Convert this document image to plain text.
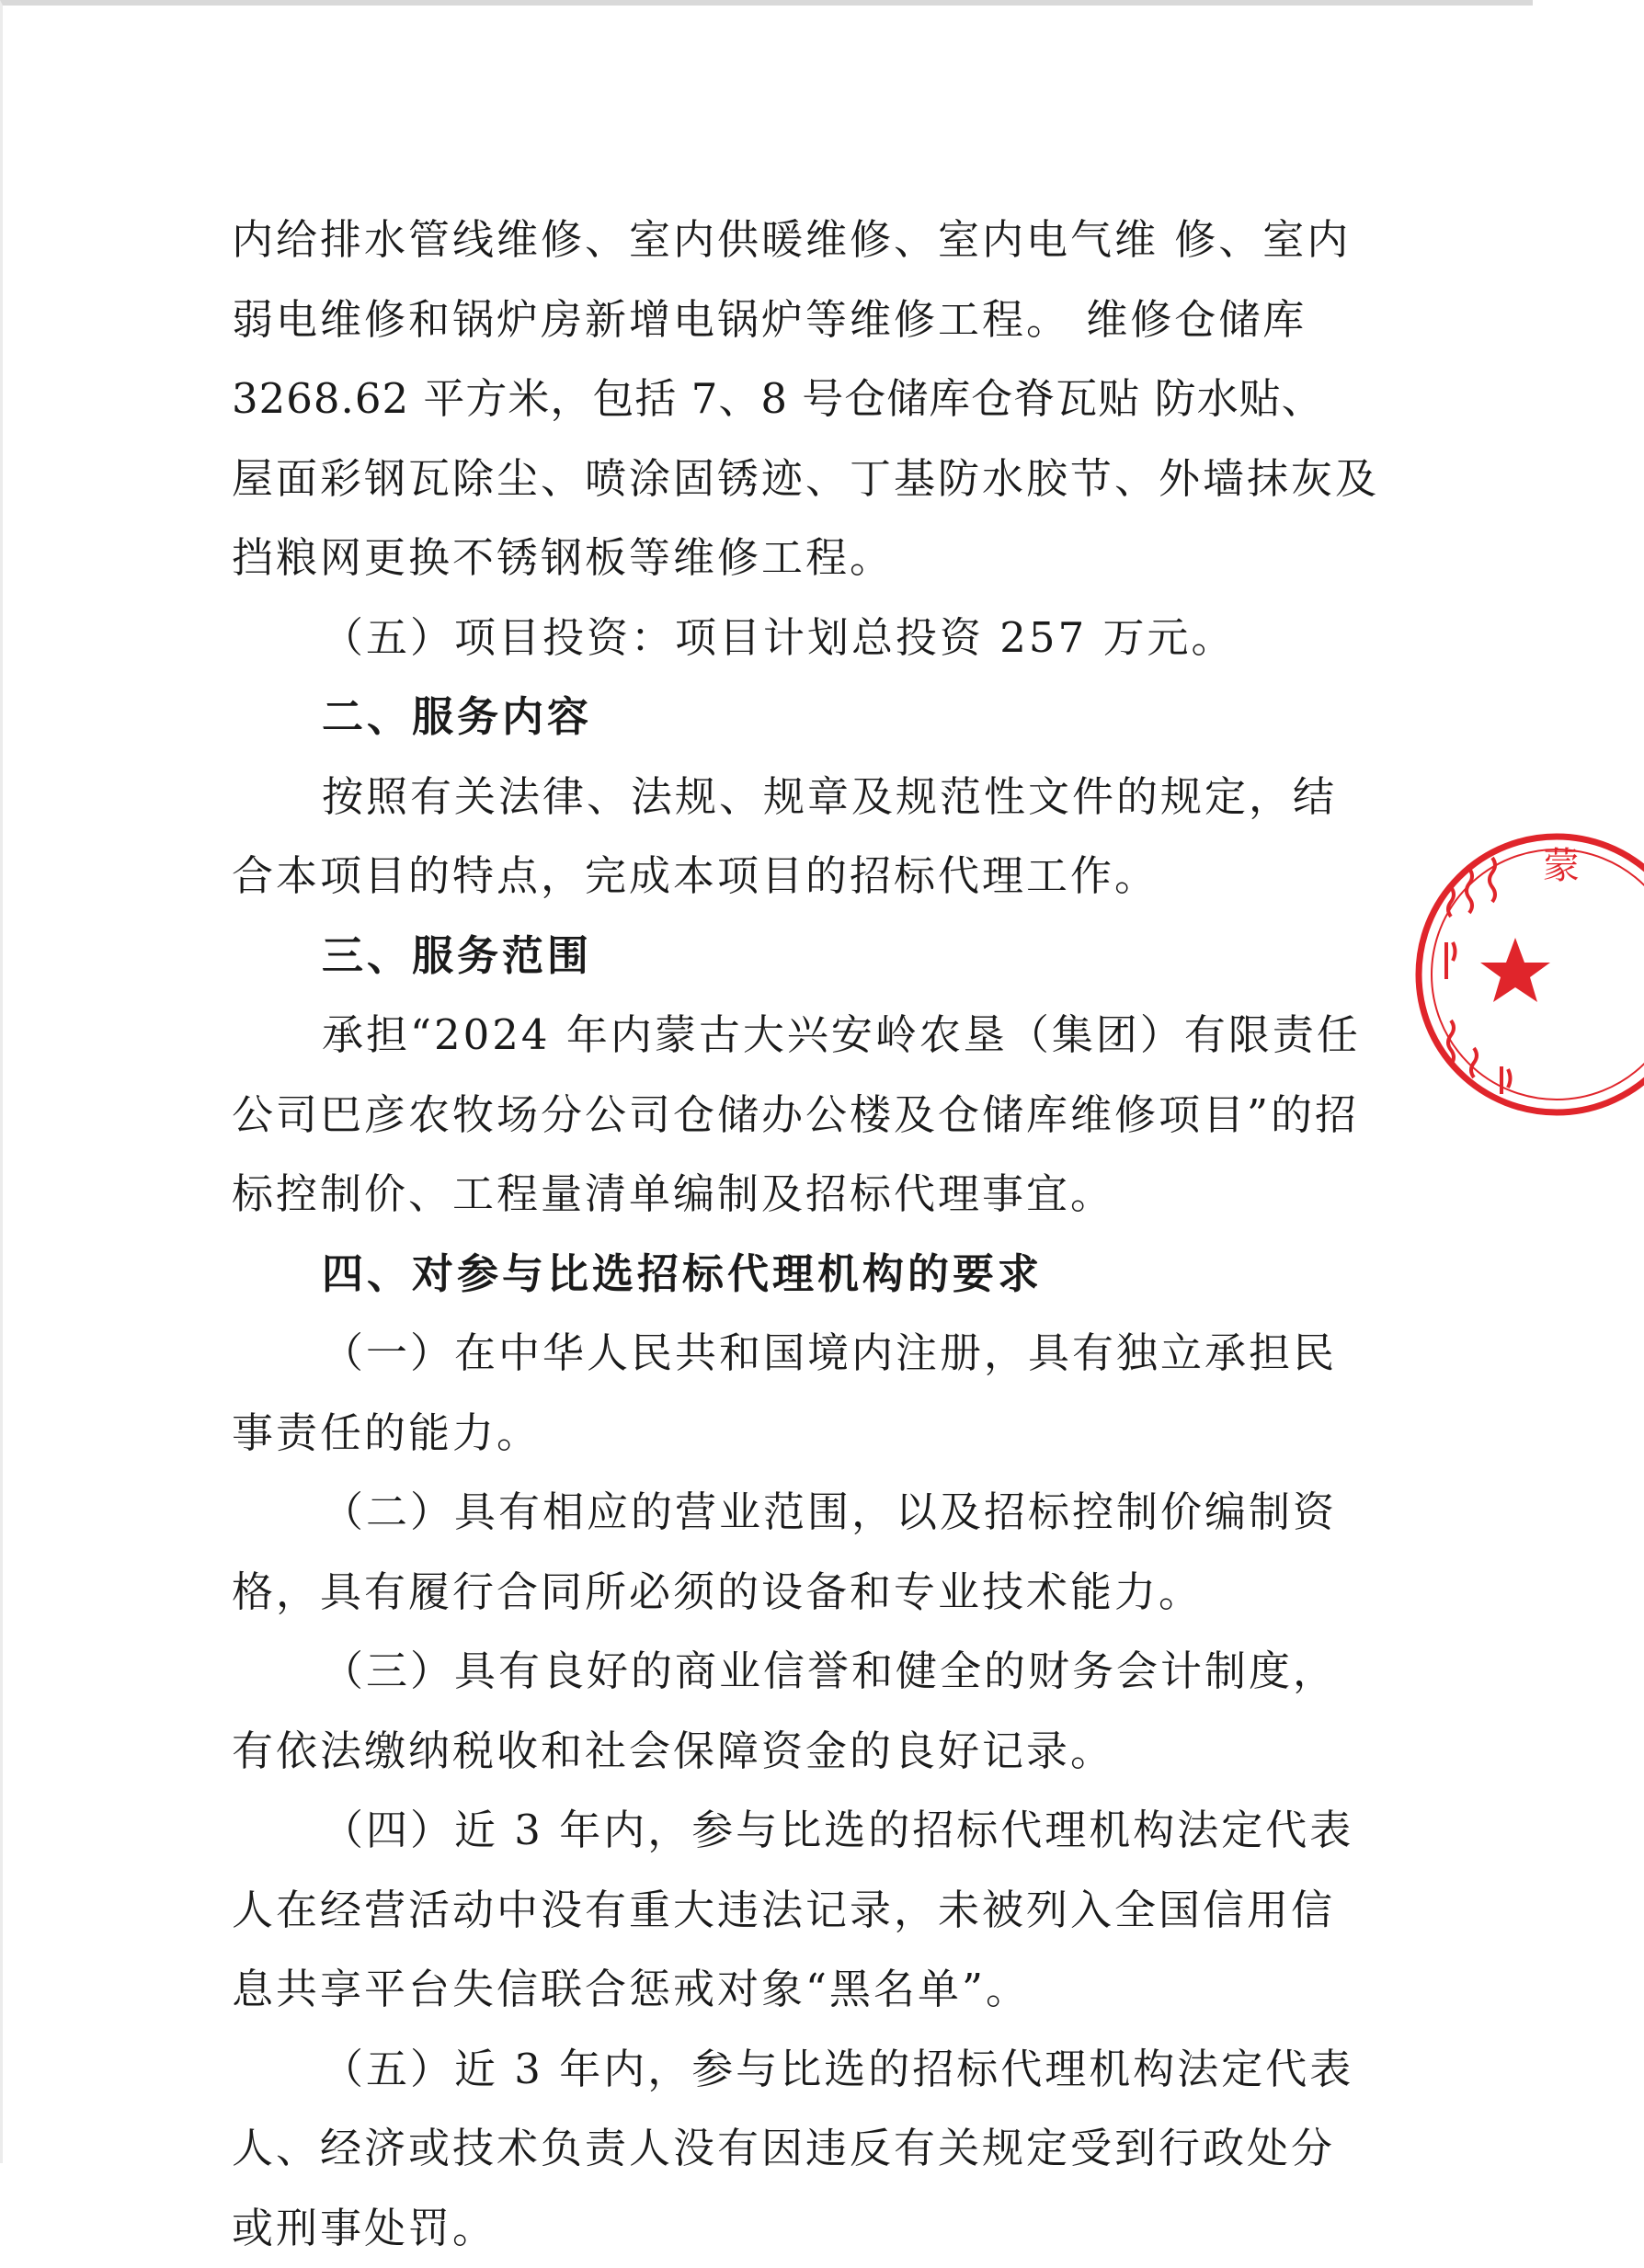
内给排水管线维修、室内供暖维修、室内电气维 修、室内
弱电维修和锅炉房新增电锅炉等维修工程。 维修仓储库
3268.62 平方米，包括 7、8 号仓储库仓脊瓦贴 防水贴、
屋面彩钢瓦除尘、喷涂固锈迹、丁基防水胶节、外墙抹灰及
挡粮网更换不锈钢板等维修工程。
（五）项目投资：项目计划总投资 257 万元。
二、服务内容
按照有关法律、法规、规章及规范性文件的规定，结
合本项目的特点，完成本项目的招标代理工作。
三、服务范围
承担“2024 年内蒙古大兴安岭农垦（集团）有限责任
公司巴彦农牧场分公司仓储办公楼及仓储库维修项目”的招
标控制价、工程量清单编制及招标代理事宜。
四、对参与比选招标代理机构的要求
（一）在中华人民共和国境内注册，具有独立承担民
事责任的能力。
（二）具有相应的营业范围，以及招标控制价编制资
格，具有履行合同所必须的设备和专业技术能力。
（三）具有良好的商业信誉和健全的财务会计制度，
有依法缴纳税收和社会保障资金的良好记录。
（四）近 3 年内，参与比选的招标代理机构法定代表
人在经营活动中没有重大违法记录，未被列入全国信用信
息共享平台失信联合惩戒对象“黑名单”。
（五）近 3 年内，参与比选的招标代理机构法定代表
人、经济或技术负责人没有因违反有关规定受到行政处分
或刑事处罚。
蒙
